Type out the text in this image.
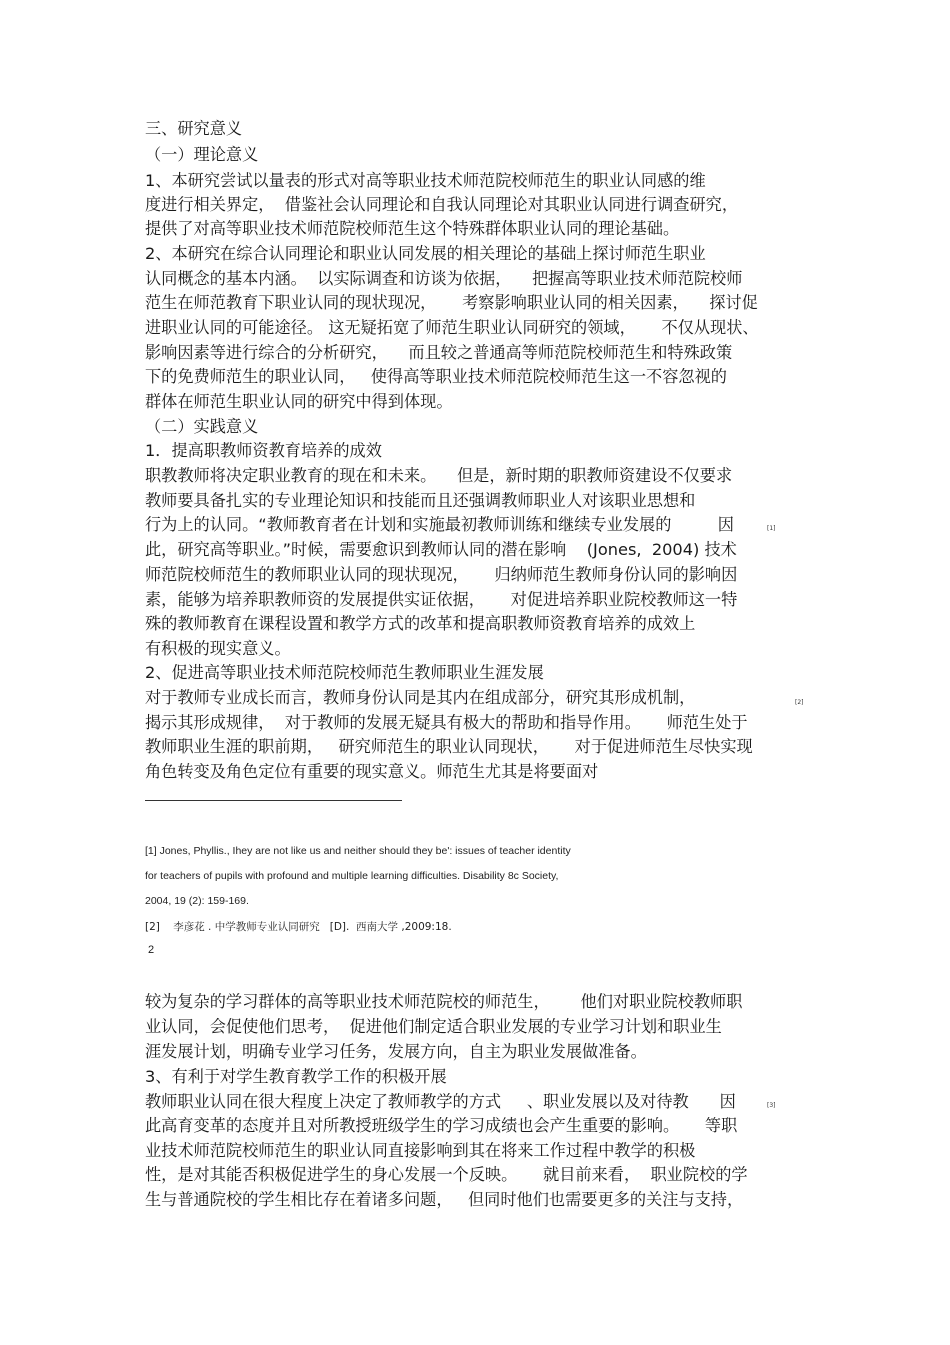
三、研究意义
（一）理论意义
1、本研究尝试以量表的形式对高等职业技术师范院校师范生的职业认同感的维
度进行相关界定，  借鉴社会认同理论和自我认同理论对其职业认同进行调查研究，
提供了对高等职业技术师范院校师范生这个特殊群体职业认同的理论基础。
2、本研究在综合认同理论和职业认同发展的相关理论的基础上探讨师范生职业
认同概念的基本内涵。  以实际调查和访谈为依据，    把握高等职业技术师范院校师
范生在师范教育下职业认同的现状现况，     考察影响职业认同的相关因素，    探讨促
进职业认同的可能途径。 这无疑拓宽了师范生职业认同研究的领域，     不仅从现状、
影响因素等进行综合的分析研究，    而且较之普通高等师范院校师范生和特殊政策
下的免费师范生的职业认同，   使得高等职业技术师范院校师范生这一不容忽视的
群体在师范生职业认同的研究中得到体现。
（二）实践意义
1．提高职教师资教育培养的成效
职教教师将决定职业教育的现在和未来。    但是，新时期的职教师资建设不仅要求
教师要具备扎实的专业理论知识和技能而且还强调教师职业人对该职业思想和
行为上的认同。“教师教育者在计划和实施最初教师训练和继续专业发展的         因
此，研究高等职业。”时候，需要愈识到教师认同的潜在影响    (Jones,  2004) 技术
师范院校师范生的教师职业认同的现状现况，     归纳师范生教师身份认同的影响因
素，能够为培养职教师资的发展提供实证依据，     对促进培养职业院校教师这一特
殊的教师教育在课程设置和教学方式的改革和提高职教师资教育培养的成效上
有积极的现实意义。
2、促进高等职业技术师范院校师范生教师职业生涯发展
对于教师专业成长而言，教师身份认同是其内在组成部分，研究其形成机制，
揭示其形成规律，  对于教师的发展无疑具有极大的帮助和指导作用。     师范生处于
教师职业生涯的职前期，   研究师范生的职业认同现状，     对于促进师范生尽快实现
角色转变及角色定位有重要的现实意义。师范生尤其是将要面对
[1]
[2]
[1] Jones, Phyllis., Ihey are not like us and neither should they be': issues of teacher identity
for teachers of pupils with profound and multiple learning difficulties. Disability 8c Society,
2004, 19 (2): 159-169.
[2]    李彦花 . 中学教师专业认同研究   [D].  西南大学 ,2009:18.
2
较为复杂的学习群体的高等职业技术师范院校的师范生，      他们对职业院校教师职
业认同，会促使他们思考，  促进他们制定适合职业发展的专业学习计划和职业生
涯发展计划，明确专业学习任务，发展方向，自主为职业发展做准备。
3、有利于对学生教育教学工作的积极开展
教师职业认同在很大程度上决定了教师教学的方式     、职业发展以及对待教      因
此高育变革的态度并且对所教授班级学生的学习成绩也会产生重要的影响。     等职
业技术师范院校师范生的职业认同直接影响到其在将来工作过程中教学的积极
性，是对其能否积极促进学生的身心发展一个反映。     就目前来看，  职业院校的学
生与普通院校的学生相比存在着诸多问题，   但同时他们也需要更多的关注与支持，
[3]
